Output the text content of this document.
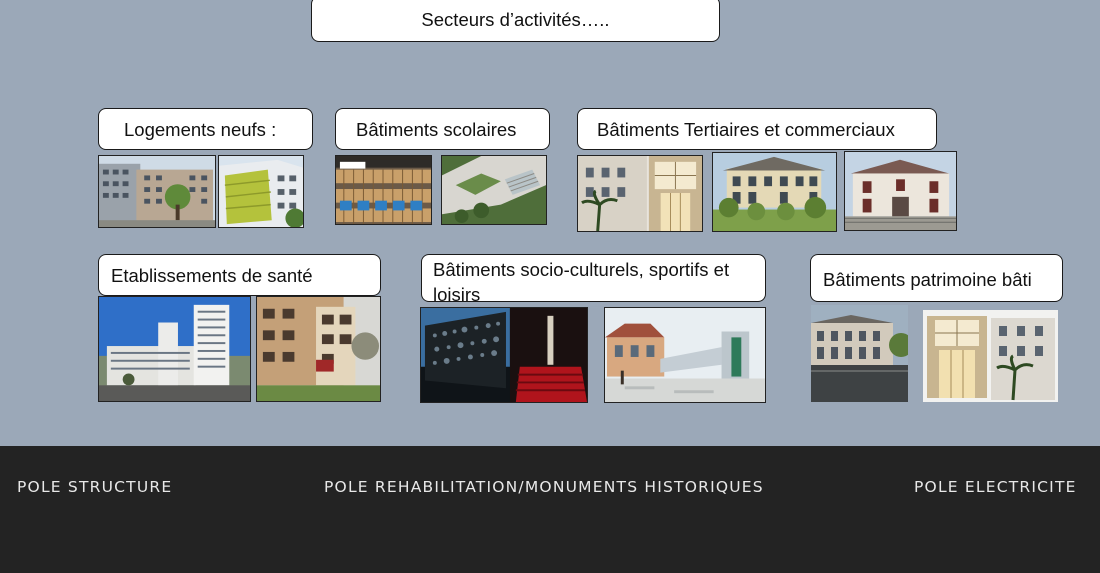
Secteurs d’activités…..
Logements neufs :	Bâtiments scolaires	Bâtiments Tertiaires et commerciaux
Etablissements de santé	Bâtiments socio-culturels, sportifs et loisirs
Bâtiments patrimoine bâti
POLE STRUCTURE	POLE REHABILITATION/MONUMENTS HISTORIQUES	POLE ELECTRICITE
